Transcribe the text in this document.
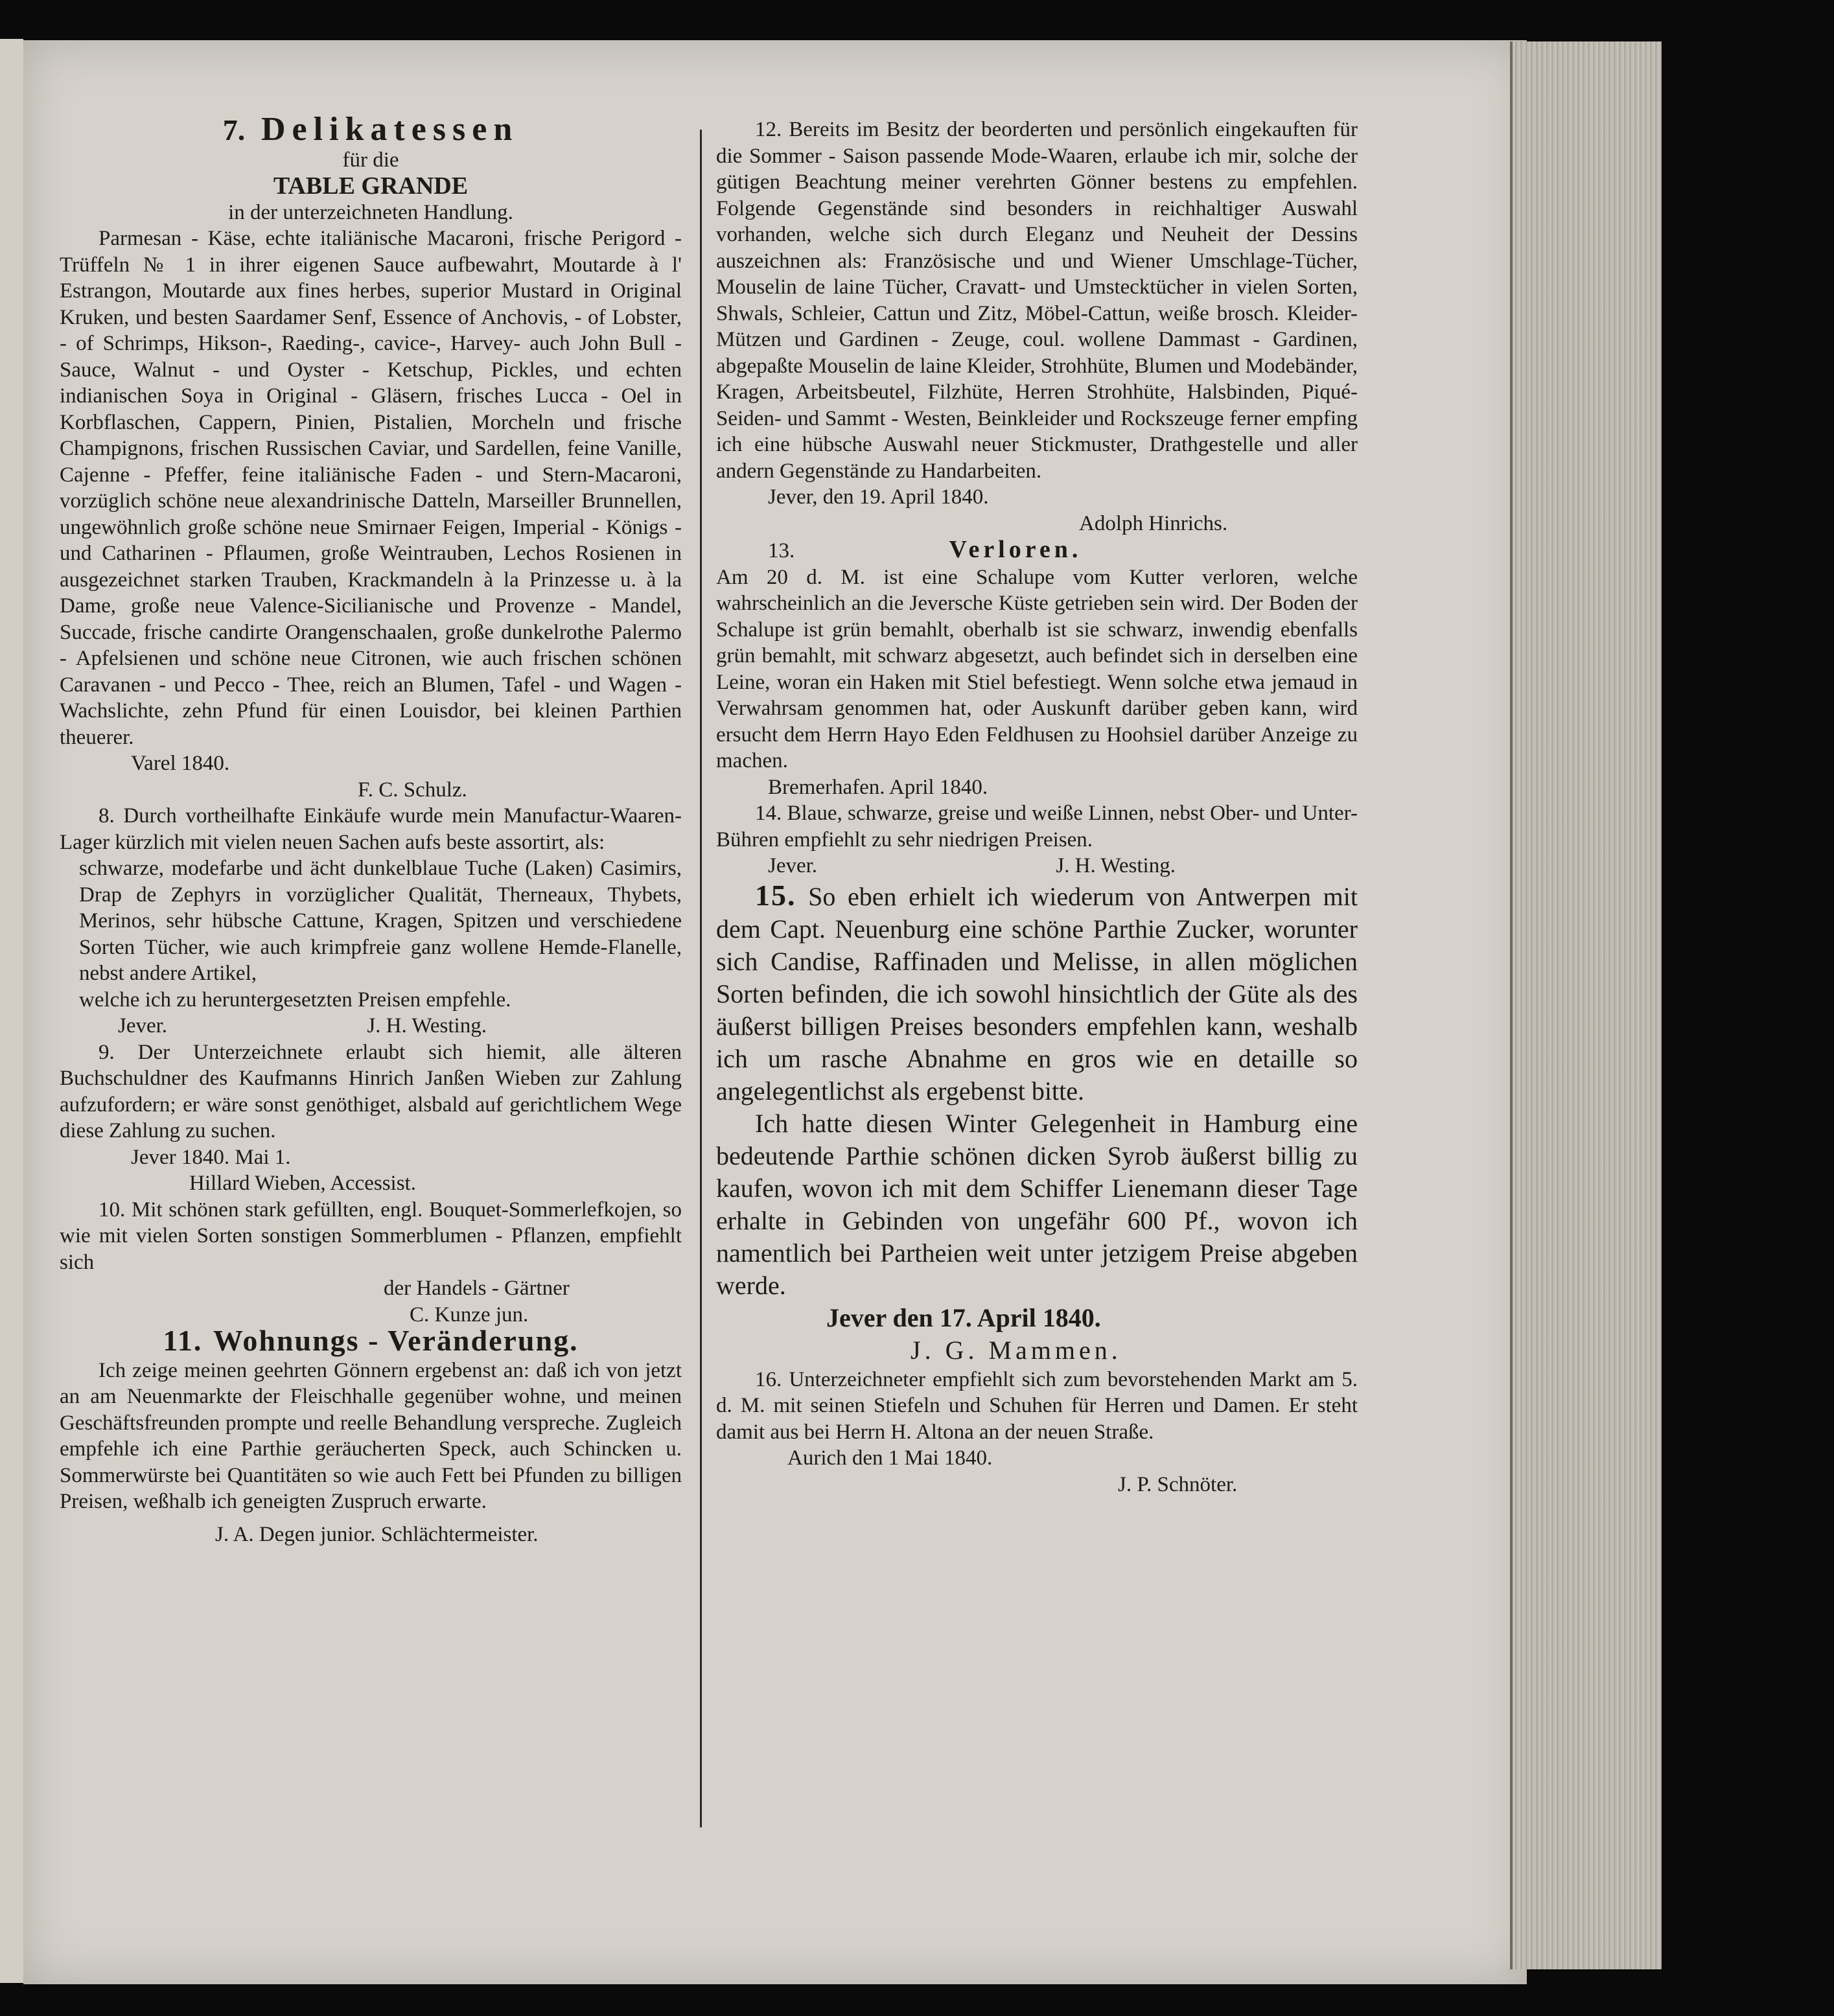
7. Delikatessen

für die

TABLE GRANDE

in der unterzeichneten Handlung.

Parmesan - Käse, echte italiänische Macaroni, frische Perigord - Trüffeln № 1 in ihrer eigenen Sauce aufbewahrt, Moutarde à l' Estrangon, Moutarde aux fines herbes, superior Mustard in Original Kruken, und besten Saardamer Senf, Essence of Anchovis, - of Lobster, - of Schrimps, Hikson-, Raeding-, cavice-, Harvey- auch John Bull - Sauce, Walnut - und Oyster - Ketschup, Pickles, und echten indianischen Soya in Original - Gläsern, frisches Lucca - Oel in Korbflaschen, Cappern, Pinien, Pistalien, Morcheln und frische Champignons, frischen Russischen Caviar, und Sardellen, feine Vanille, Cajenne - Pfeffer, feine italiänische Faden - und Stern-Macaroni, vorzüglich schöne neue alexandrinische Datteln, Marseiller Brunnellen, ungewöhnlich große schöne neue Smirnaer Feigen, Imperial - Königs - und Catharinen - Pflaumen, große Weintrauben, Lechos Rosienen in ausgezeichnet starken Trauben, Krackmandeln à la Prinzesse u. à la Dame, große neue Valence-Sicilianische und Provenze - Mandel, Succade, frische candirte Orangenschaalen, große dunkelrothe Palermo - Apfelsienen und schöne neue Citronen, wie auch frischen schönen Caravanen - und Pecco - Thee, reich an Blumen, Tafel - und Wagen - Wachslichte, zehn Pfund für einen Louisdor, bei kleinen Parthien theuerer.

Varel 1840.

F. C. Schulz.

8. Durch vortheilhafte Einkäufe wurde mein Manufactur-Waaren-Lager kürzlich mit vielen neuen Sachen aufs beste assortirt, als:

schwarze, modefarbe und ächt dunkelblaue Tuche (Laken) Casimirs, Drap de Zephyrs in vorzüglicher Qualität, Therneaux, Thybets, Merinos, sehr hübsche Cattune, Kragen, Spitzen und verschiedene Sorten Tücher, wie auch krimpfreie ganz wollene Hemde-Flanelle, nebst andere Artikel,

welche ich zu heruntergesetzten Preisen empfehle.

Jever.	J. H. Westing.

9. Der Unterzeichnete erlaubt sich hiemit, alle älteren Buchschuldner des Kaufmanns Hinrich Janßen Wieben zur Zahlung aufzufordern; er wäre sonst genöthiget, alsbald auf gerichtlichem Wege diese Zahlung zu suchen.

Jever 1840. Mai 1.

Hillard Wieben, Accessist.

10. Mit schönen stark gefüllten, engl. Bouquet-Sommerlefkojen, so wie mit vielen Sorten sonstigen Sommerblumen - Pflanzen, empfiehlt sich

der Handels - Gärtner

C. Kunze jun.

11. Wohnungs - Veränderung.

Ich zeige meinen geehrten Gönnern ergebenst an: daß ich von jetzt an am Neuenmarkte der Fleischhalle gegenüber wohne, und meinen Geschäftsfreunden prompte und reelle Behandlung verspreche. Zugleich empfehle ich eine Parthie geräucherten Speck, auch Schincken u. Sommerwürste bei Quantitäten so wie auch Fett bei Pfunden zu billigen Preisen, weßhalb ich geneigten Zuspruch erwarte.

J. A. Degen junior. Schlächtermeister.

12. Bereits im Besitz der beorderten und persönlich eingekauften für die Sommer - Saison passende Mode-Waaren, erlaube ich mir, solche der gütigen Beachtung meiner verehrten Gönner bestens zu empfehlen. Folgende Gegenstände sind besonders in reichhaltiger Auswahl vorhanden, welche sich durch Eleganz und Neuheit der Dessins auszeichnen als: Französische und und Wiener Umschlage-Tücher, Mouselin de laine Tücher, Cravatt- und Umstecktücher in vielen Sorten, Shwals, Schleier, Cattun und Zitz, Möbel-Cattun, weiße brosch. Kleider- Mützen und Gardinen - Zeuge, coul. wollene Dammast - Gardinen, abgepaßte Mouselin de laine Kleider, Strohhüte, Blumen und Modebänder, Kragen, Arbeitsbeutel, Filzhüte, Herren Strohhüte, Halsbinden, Piqué- Seiden- und Sammt - Westen, Beinkleider und Rockszeuge ferner empfing ich eine hübsche Auswahl neuer Stickmuster, Drathgestelle und aller andern Gegenstände zu Handarbeiten.

Jever, den 19. April 1840.

Adolph Hinrichs.

13.	Verloren.

Am 20 d. M. ist eine Schalupe vom Kutter verloren, welche wahrscheinlich an die Jeversche Küste getrieben sein wird. Der Boden der Schalupe ist grün bemahlt, oberhalb ist sie schwarz, inwendig ebenfalls grün bemahlt, mit schwarz abgesetzt, auch befindet sich in derselben eine Leine, woran ein Haken mit Stiel befestiegt. Wenn solche etwa jemaud in Verwahrsam genommen hat, oder Auskunft darüber geben kann, wird ersucht dem Herrn Hayo Eden Feldhusen zu Hoohsiel darüber Anzeige zu machen.

Bremerhafen. April 1840.

14. Blaue, schwarze, greise und weiße Linnen, nebst Ober- und Unter-Bühren empfiehlt zu sehr niedrigen Preisen.

Jever.	J. H. Westing.

15. So eben erhielt ich wiederum von Antwerpen mit dem Capt. Neuenburg eine schöne Parthie Zucker, worunter sich Candise, Raffinaden und Melisse, in allen möglichen Sorten befinden, die ich sowohl hinsichtlich der Güte als des äußerst billigen Preises besonders empfehlen kann, weshalb ich um rasche Abnahme en gros wie en detaille so angelegentlichst als ergebenst bitte.

Ich hatte diesen Winter Gelegenheit in Hamburg eine bedeutende Parthie schönen dicken Syrob äußerst billig zu kaufen, wovon ich mit dem Schiffer Lienemann dieser Tage erhalte in Gebinden von ungefähr 600 Pf., wovon ich namentlich bei Partheien weit unter jetzigem Preise abgeben werde.

Jever den 17. April 1840.

J. G. Mammen.

16. Unterzeichneter empfiehlt sich zum bevorstehenden Markt am 5. d. M. mit seinen Stiefeln und Schuhen für Herren und Damen. Er steht damit aus bei Herrn H. Altona an der neuen Straße.

Aurich den 1 Mai 1840.

J. P. Schnöter.
